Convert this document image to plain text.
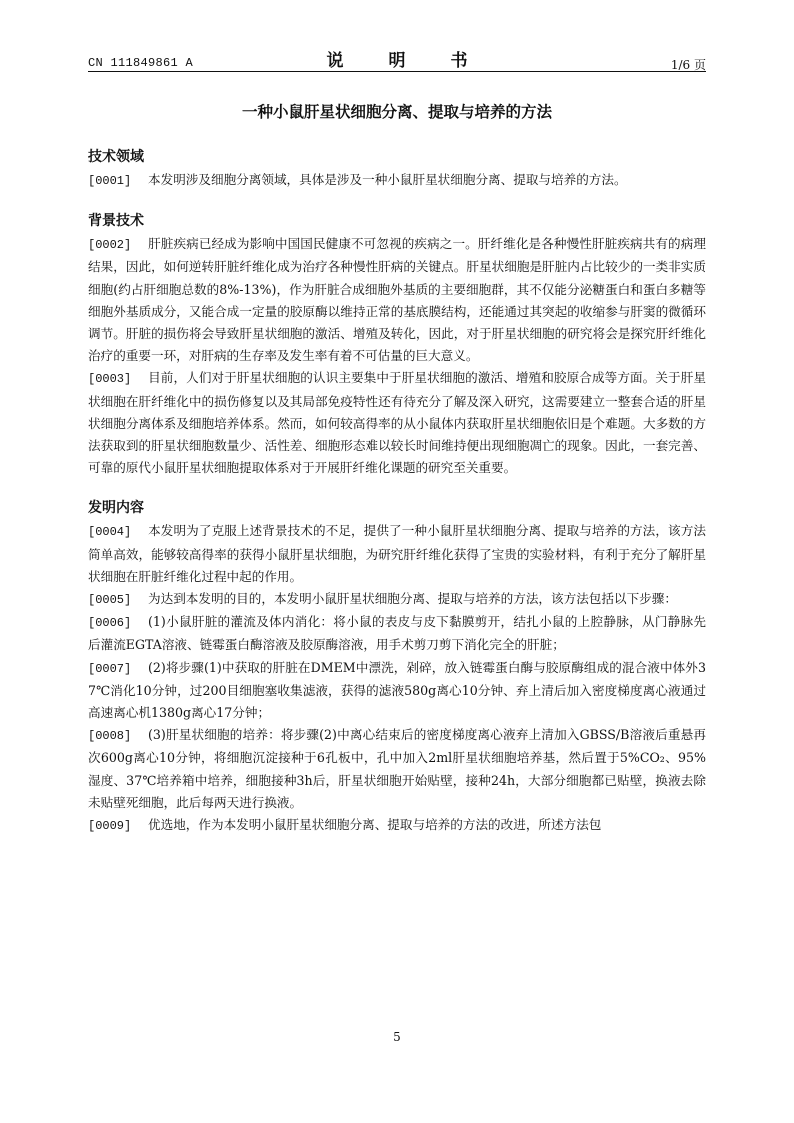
CN 111849861 A	说　明　书	1/6 页
一种小鼠肝星状细胞分离、提取与培养的方法

技术领域

[0001] 本发明涉及细胞分离领域，具体是涉及一种小鼠肝星状细胞分离、提取与培养的方法。

背景技术

[0002] 肝脏疾病已经成为影响中国国民健康不可忽视的疾病之一。肝纤维化是各种慢性肝脏疾病共有的病理结果，因此，如何逆转肝脏纤维化成为治疗各种慢性肝病的关键点。肝星状细胞是肝脏内占比较少的一类非实质细胞(约占肝细胞总数的8%-13%)，作为肝脏合成细胞外基质的主要细胞群，其不仅能分泌糖蛋白和蛋白多糖等细胞外基质成分，又能合成一定量的胶原酶以维持正常的基底膜结构，还能通过其突起的收缩参与肝窦的微循环调节。肝脏的损伤将会导致肝星状细胞的激活、增殖及转化，因此，对于肝星状细胞的研究将会是探究肝纤维化治疗的重要一环，对肝病的生存率及发生率有着不可估量的巨大意义。

[0003] 目前，人们对于肝星状细胞的认识主要集中于肝星状细胞的激活、增殖和胶原合成等方面。关于肝星状细胞在肝纤维化中的损伤修复以及其局部免疫特性还有待充分了解及深入研究，这需要建立一整套合适的肝星状细胞分离体系及细胞培养体系。然而，如何较高得率的从小鼠体内获取肝星状细胞依旧是个难题。大多数的方法获取到的肝星状细胞数量少、活性差、细胞形态难以较长时间维持便出现细胞凋亡的现象。因此，一套完善、可靠的原代小鼠肝星状细胞提取体系对于开展肝纤维化课题的研究至关重要。

发明内容

[0004] 本发明为了克服上述背景技术的不足，提供了一种小鼠肝星状细胞分离、提取与培养的方法，该方法简单高效，能够较高得率的获得小鼠肝星状细胞，为研究肝纤维化获得了宝贵的实验材料，有利于充分了解肝星状细胞在肝脏纤维化过程中起的作用。

[0005] 为达到本发明的目的，本发明小鼠肝星状细胞分离、提取与培养的方法，该方法包括以下步骤：

[0006] (1)小鼠肝脏的灌流及体内消化：将小鼠的表皮与皮下黏膜剪开，结扎小鼠的上腔静脉，从门静脉先后灌流EGTA溶液、链霉蛋白酶溶液及胶原酶溶液，用手术剪刀剪下消化完全的肝脏；

[0007] (2)将步骤(1)中获取的肝脏在DMEM中漂洗，剁碎，放入链霉蛋白酶与胶原酶组成的混合液中体外37℃消化10分钟，过200目细胞塞收集滤液，获得的滤液580g离心10分钟、弃上清后加入密度梯度离心液通过高速离心机1380g离心17分钟；

[0008] (3)肝星状细胞的培养：将步骤(2)中离心结束后的密度梯度离心液弃上清加入GBSS/B溶液后重悬再次600g离心10分钟，将细胞沉淀接种于6孔板中，孔中加入2ml肝星状细胞培养基，然后置于5%CO₂、95%湿度、37℃培养箱中培养，细胞接种3h后，肝星状细胞开始贴壁，接种24h，大部分细胞都已贴壁，换液去除未贴壁死细胞，此后每两天进行换液。

[0009] 优选地，作为本发明小鼠肝星状细胞分离、提取与培养的方法的改进，所述方法包

5
